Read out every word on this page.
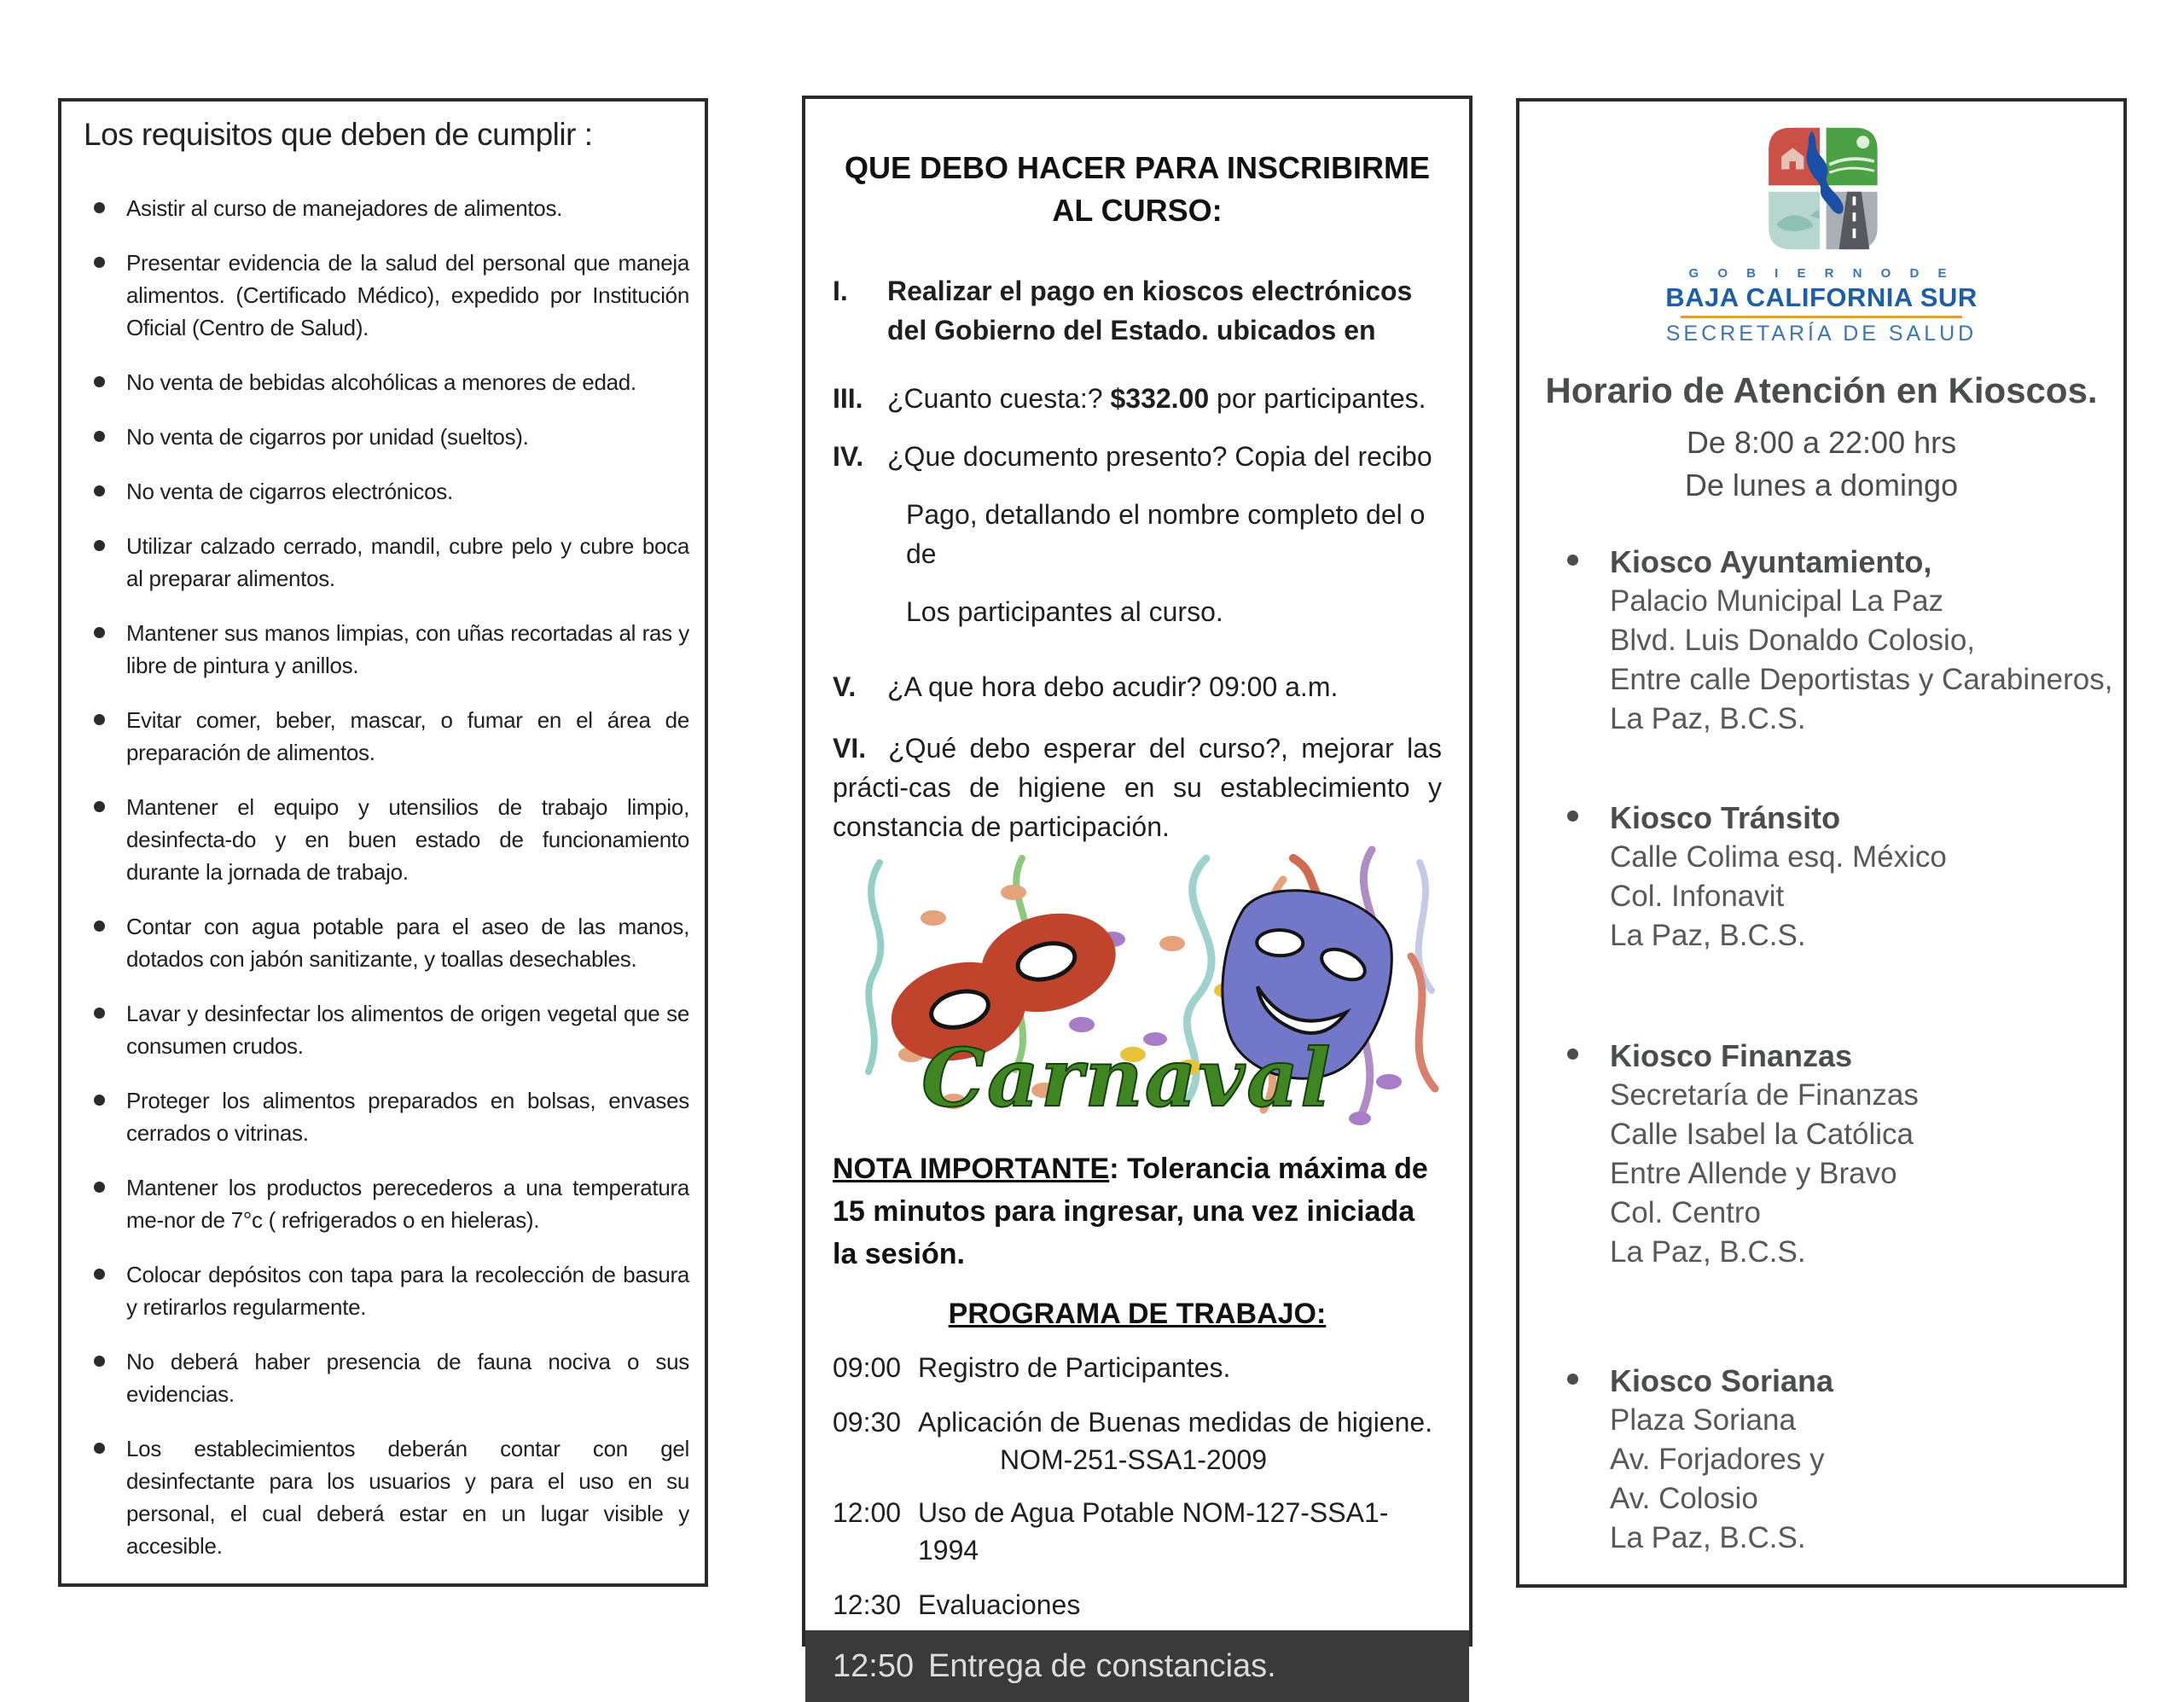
Los requisitos que deben de cumplir :
Asistir al curso de manejadores de alimentos.
Presentar evidencia de la salud del personal que maneja alimentos. (Certificado Médico), expedido por Institución Oficial (Centro de Salud).
No venta de bebidas alcohólicas a menores de edad.
No venta de cigarros por unidad (sueltos).
No venta de cigarros electrónicos.
Utilizar calzado cerrado, mandil, cubre pelo y cubre boca al preparar alimentos.
Mantener sus manos limpias, con uñas recortadas al ras y libre de pintura y anillos.
Evitar comer, beber, mascar, o fumar en el área de preparación de alimentos.
Mantener el equipo y utensilios de trabajo limpio, desinfecta-do y en buen estado de funcionamiento durante la jornada de trabajo.
Contar con agua potable para el aseo de las manos, dotados con jabón sanitizante, y toallas desechables.
Lavar y desinfectar los alimentos de origen vegetal que se consumen crudos.
Proteger los alimentos preparados en bolsas, envases cerrados o vitrinas.
Mantener los productos perecederos a una temperatura me-nor de 7°c ( refrigerados o en hieleras).
Colocar depósitos con tapa para la recolección de basura y retirarlos regularmente.
No deberá haber presencia de fauna nociva o sus evidencias.
Los establecimientos deberán contar con gel desinfectante para los usuarios y para el uso en su personal, el cual deberá estar en un lugar visible y accesible.
QUE DEBO HACER PARA INSCRIBIRME AL CURSO:
I.	Realizar el pago en kioscos electrónicos del Gobierno del Estado. ubicados en
III. ¿Cuanto cuesta:? $332.00 por participantes.
IV. ¿Que documento presento? Copia del recibo
Pago, detallando el nombre completo del o de
Los participantes al curso.
V.	¿A que hora debo acudir? 09:00 a.m.

VI. ¿Qué debo esperar del curso?, mejorar las prácti-cas de higiene en su establecimiento y constancia de participación.

Carnaval

NOTA IMPORTANTE: Tolerancia máxima de 15 minutos para ingresar, una vez iniciada la sesión.

PROGRAMA DE TRABAJO:
09:00 Registro de Participantes.
09:30 Aplicación de Buenas medidas de higiene.
NOM-251-SSA1-2009
12:00 Uso de Agua Potable NOM-127-SSA1-1994
12:30 Evaluaciones
12:50 Entrega de constancias.
G O B I E R N O D E
BAJA CALIFORNIA SUR
SECRETARÍA DE SALUD
Horario de Atención en Kioscos.
De 8:00 a 22:00 hrs
De lunes a domingo
Kiosco Ayuntamiento,
Palacio Municipal La Paz
Blvd. Luis Donaldo Colosio,
Entre calle Deportistas y Carabineros,
La Paz, B.C.S.
Kiosco Tránsito
Calle Colima esq. México
Col. Infonavit
La Paz, B.C.S.
Kiosco Finanzas
Secretaría de Finanzas
Calle Isabel la Católica
Entre Allende y Bravo
Col. Centro
La Paz, B.C.S.
Kiosco Soriana
Plaza Soriana
Av. Forjadores y
Av. Colosio
La Paz, B.C.S.
